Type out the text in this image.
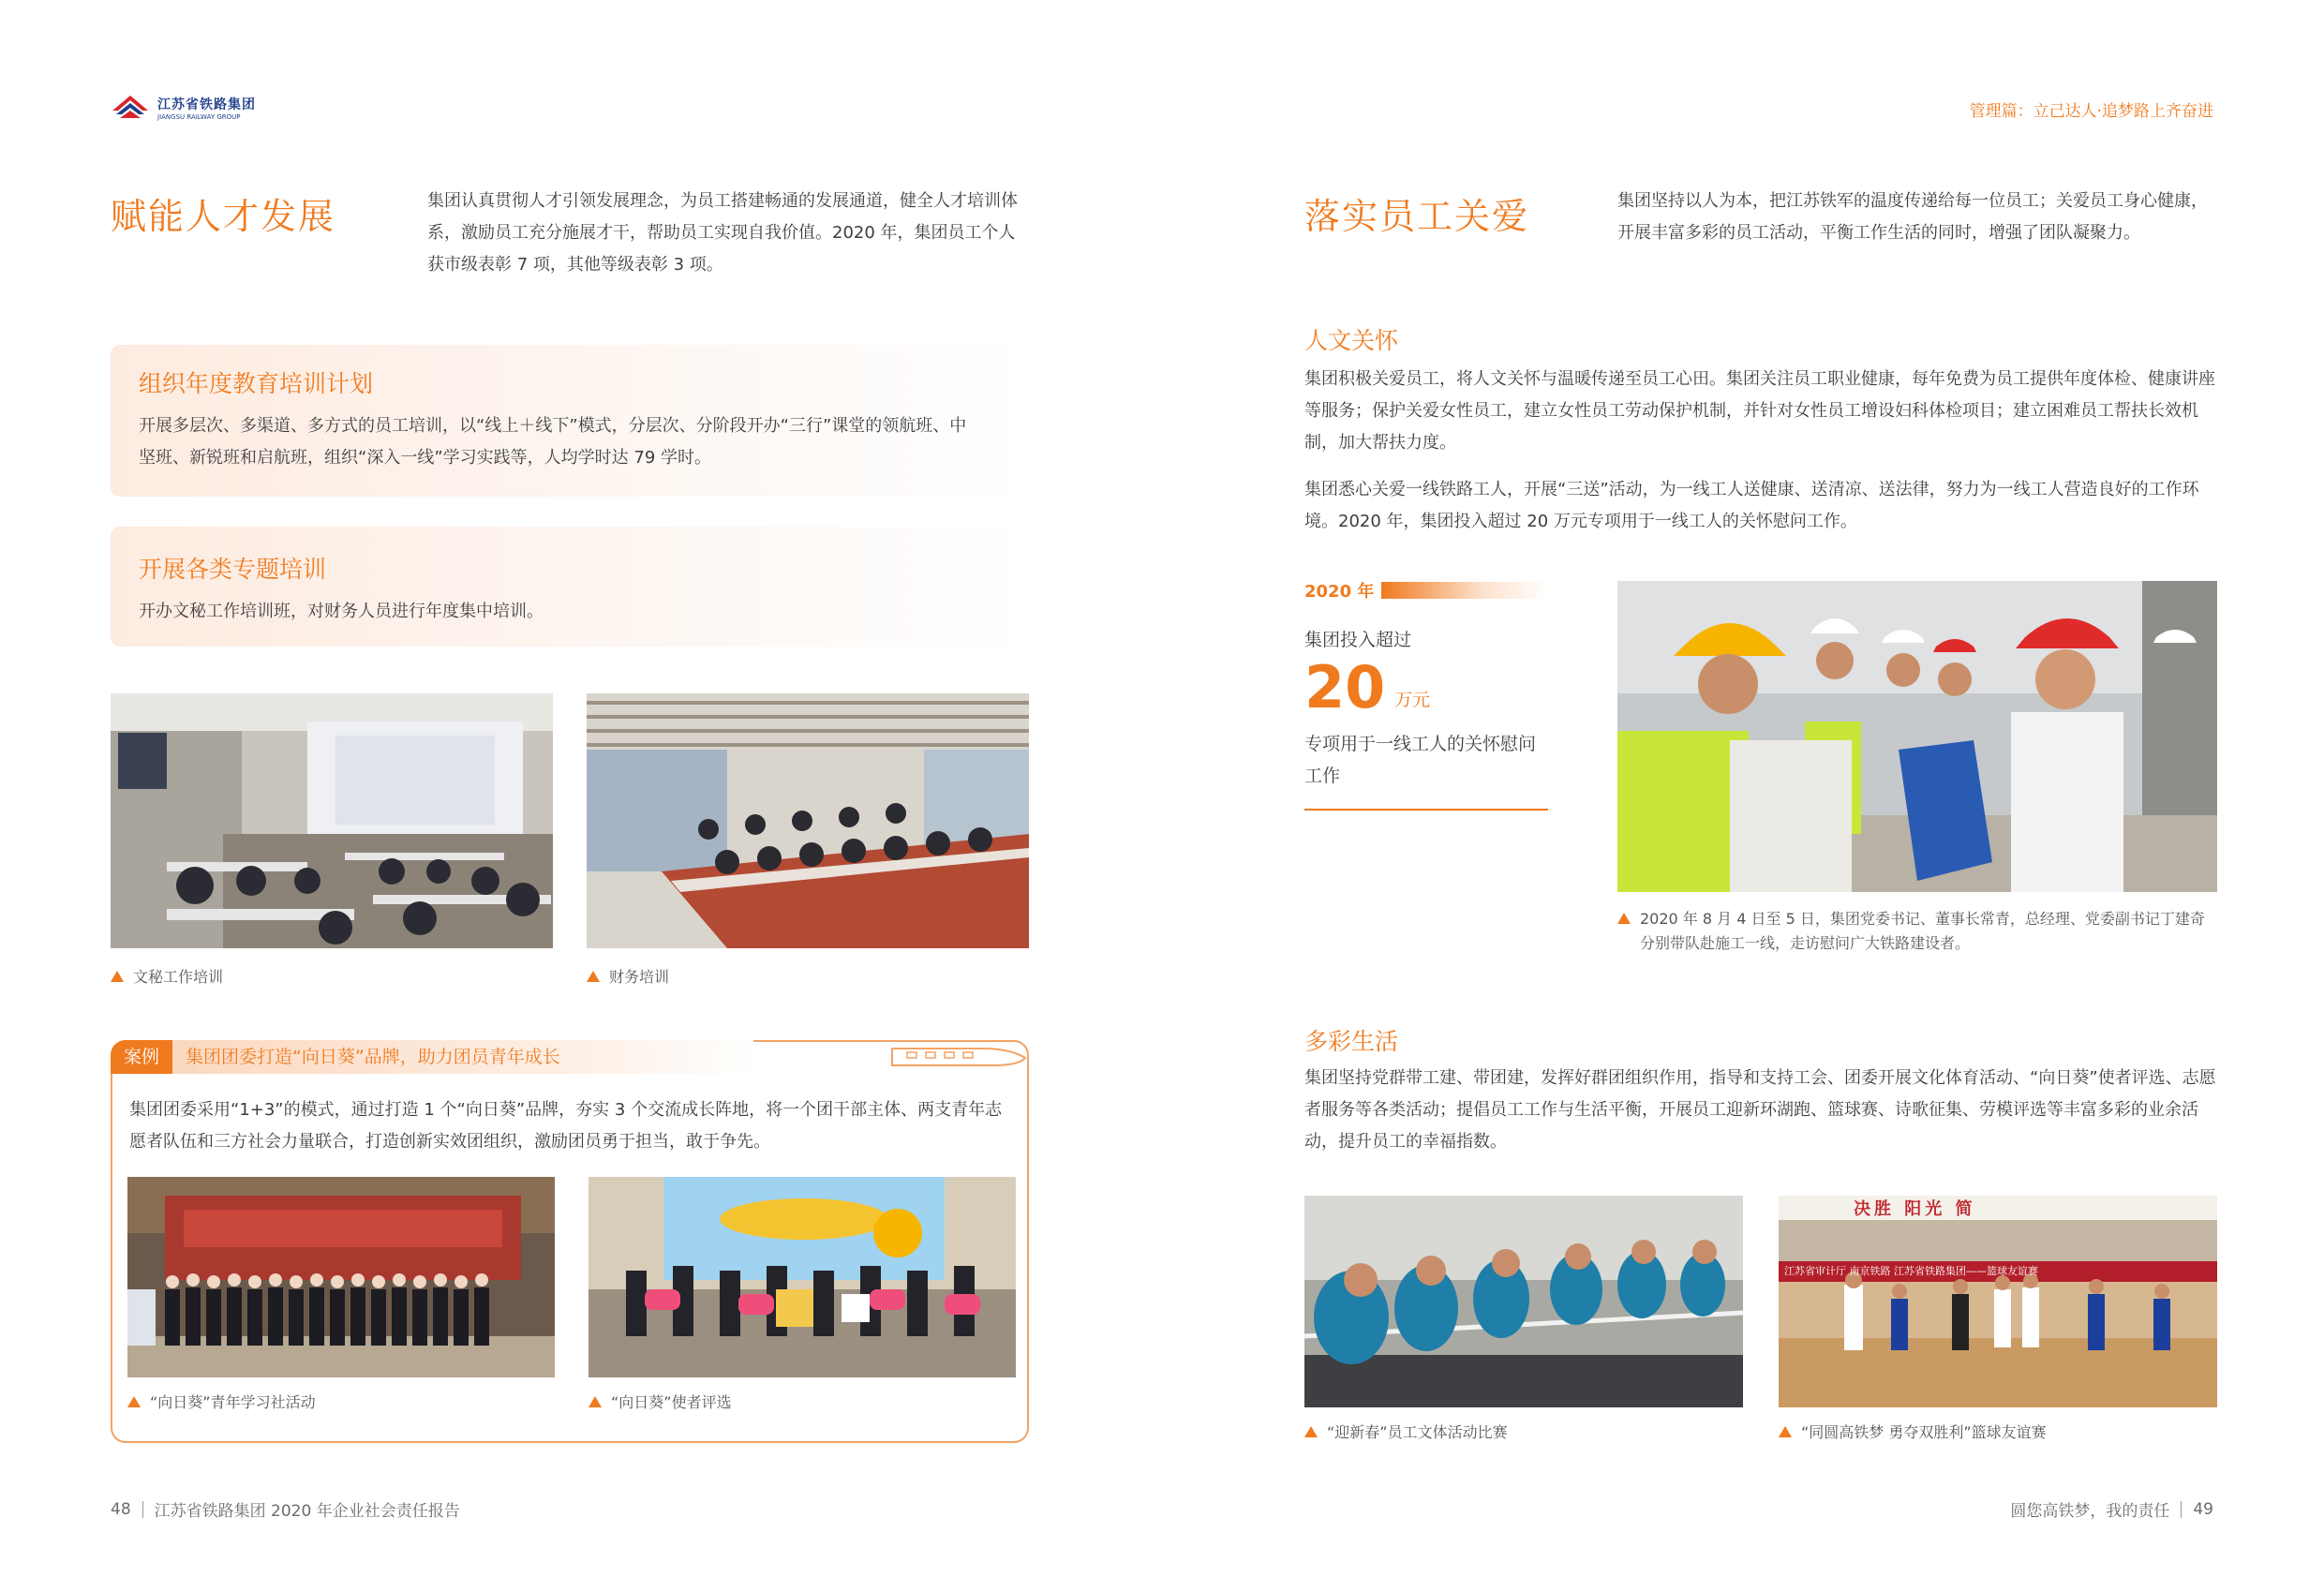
江苏省铁路集团
JIANGSU RAILWAY GROUP	管理篇：立己达人·追梦路上齐奋进
赋能人才发展	集团认真贯彻人才引领发展理念，为员工搭建畅通的发展通道，健全人才培训体系，激励员工充分施展才干，帮助员工实现自我价值。2020 年，集团员工个人获市级表彰 7 项，其他等级表彰 3 项。
组织年度教育培训计划
开展多层次、多渠道、多方式的员工培训，以“线上＋线下”模式，分层次、分阶段开办“三行”课堂的领航班、中坚班、新锐班和启航班，组织“深入一线”学习实践等，人均学时达 79 学时。
开展各类专题培训
开办文秘工作培训班，对财务人员进行年度集中培训。
文秘工作培训	财务培训
案例	集团团委打造“向日葵”品牌，助力团员青年成长
集团团委采用“1+3”的模式，通过打造 1 个“向日葵”品牌，夯实 3 个交流成长阵地，将一个团干部主体、两支青年志愿者队伍和三方社会力量联合，打造创新实效团组织，激励团员勇于担当，敢于争先。
“向日葵”青年学习社活动	“向日葵”使者评选
落实员工关爱	集团坚持以人为本，把江苏铁军的温度传递给每一位员工；关爱员工身心健康，开展丰富多彩的员工活动，平衡工作生活的同时，增强了团队凝聚力。
人文关怀
集团积极关爱员工，将人文关怀与温暖传递至员工心田。集团关注员工职业健康，每年免费为员工提供年度体检、健康讲座等服务；保护关爱女性员工，建立女性员工劳动保护机制，并针对女性员工增设妇科体检项目；建立困难员工帮扶长效机制，加大帮扶力度。
集团悉心关爱一线铁路工人，开展“三送”活动，为一线工人送健康、送清凉、送法律，努力为一线工人营造良好的工作环境。2020 年，集团投入超过 20 万元专项用于一线工人的关怀慰问工作。
2020 年
集团投入超过
20 万元
专项用于一线工人的关怀慰问工作
2020 年 8 月 4 日至 5 日，集团党委书记、董事长常青，总经理、党委副书记丁建奇分别带队赴施工一线，走访慰问广大铁路建设者。
多彩生活
集团坚持党群带工建、带团建，发挥好群团组织作用，指导和支持工会、团委开展文化体育活动、“向日葵”使者评选、志愿者服务等各类活动；提倡员工工作与生活平衡，开展员工迎新环湖跑、篮球赛、诗歌征集、劳模评选等丰富多彩的业余活动，提升员工的幸福指数。
“迎新春”员工文体活动比赛
决胜 阳光 简
江苏省审计厅 南京铁路 江苏省铁路集团——篮球友谊赛
“同圆高铁梦 勇夺双胜利”篮球友谊赛
48 江苏省铁路集团 2020 年企业社会责任报告	圆您高铁梦，我的责任 49
